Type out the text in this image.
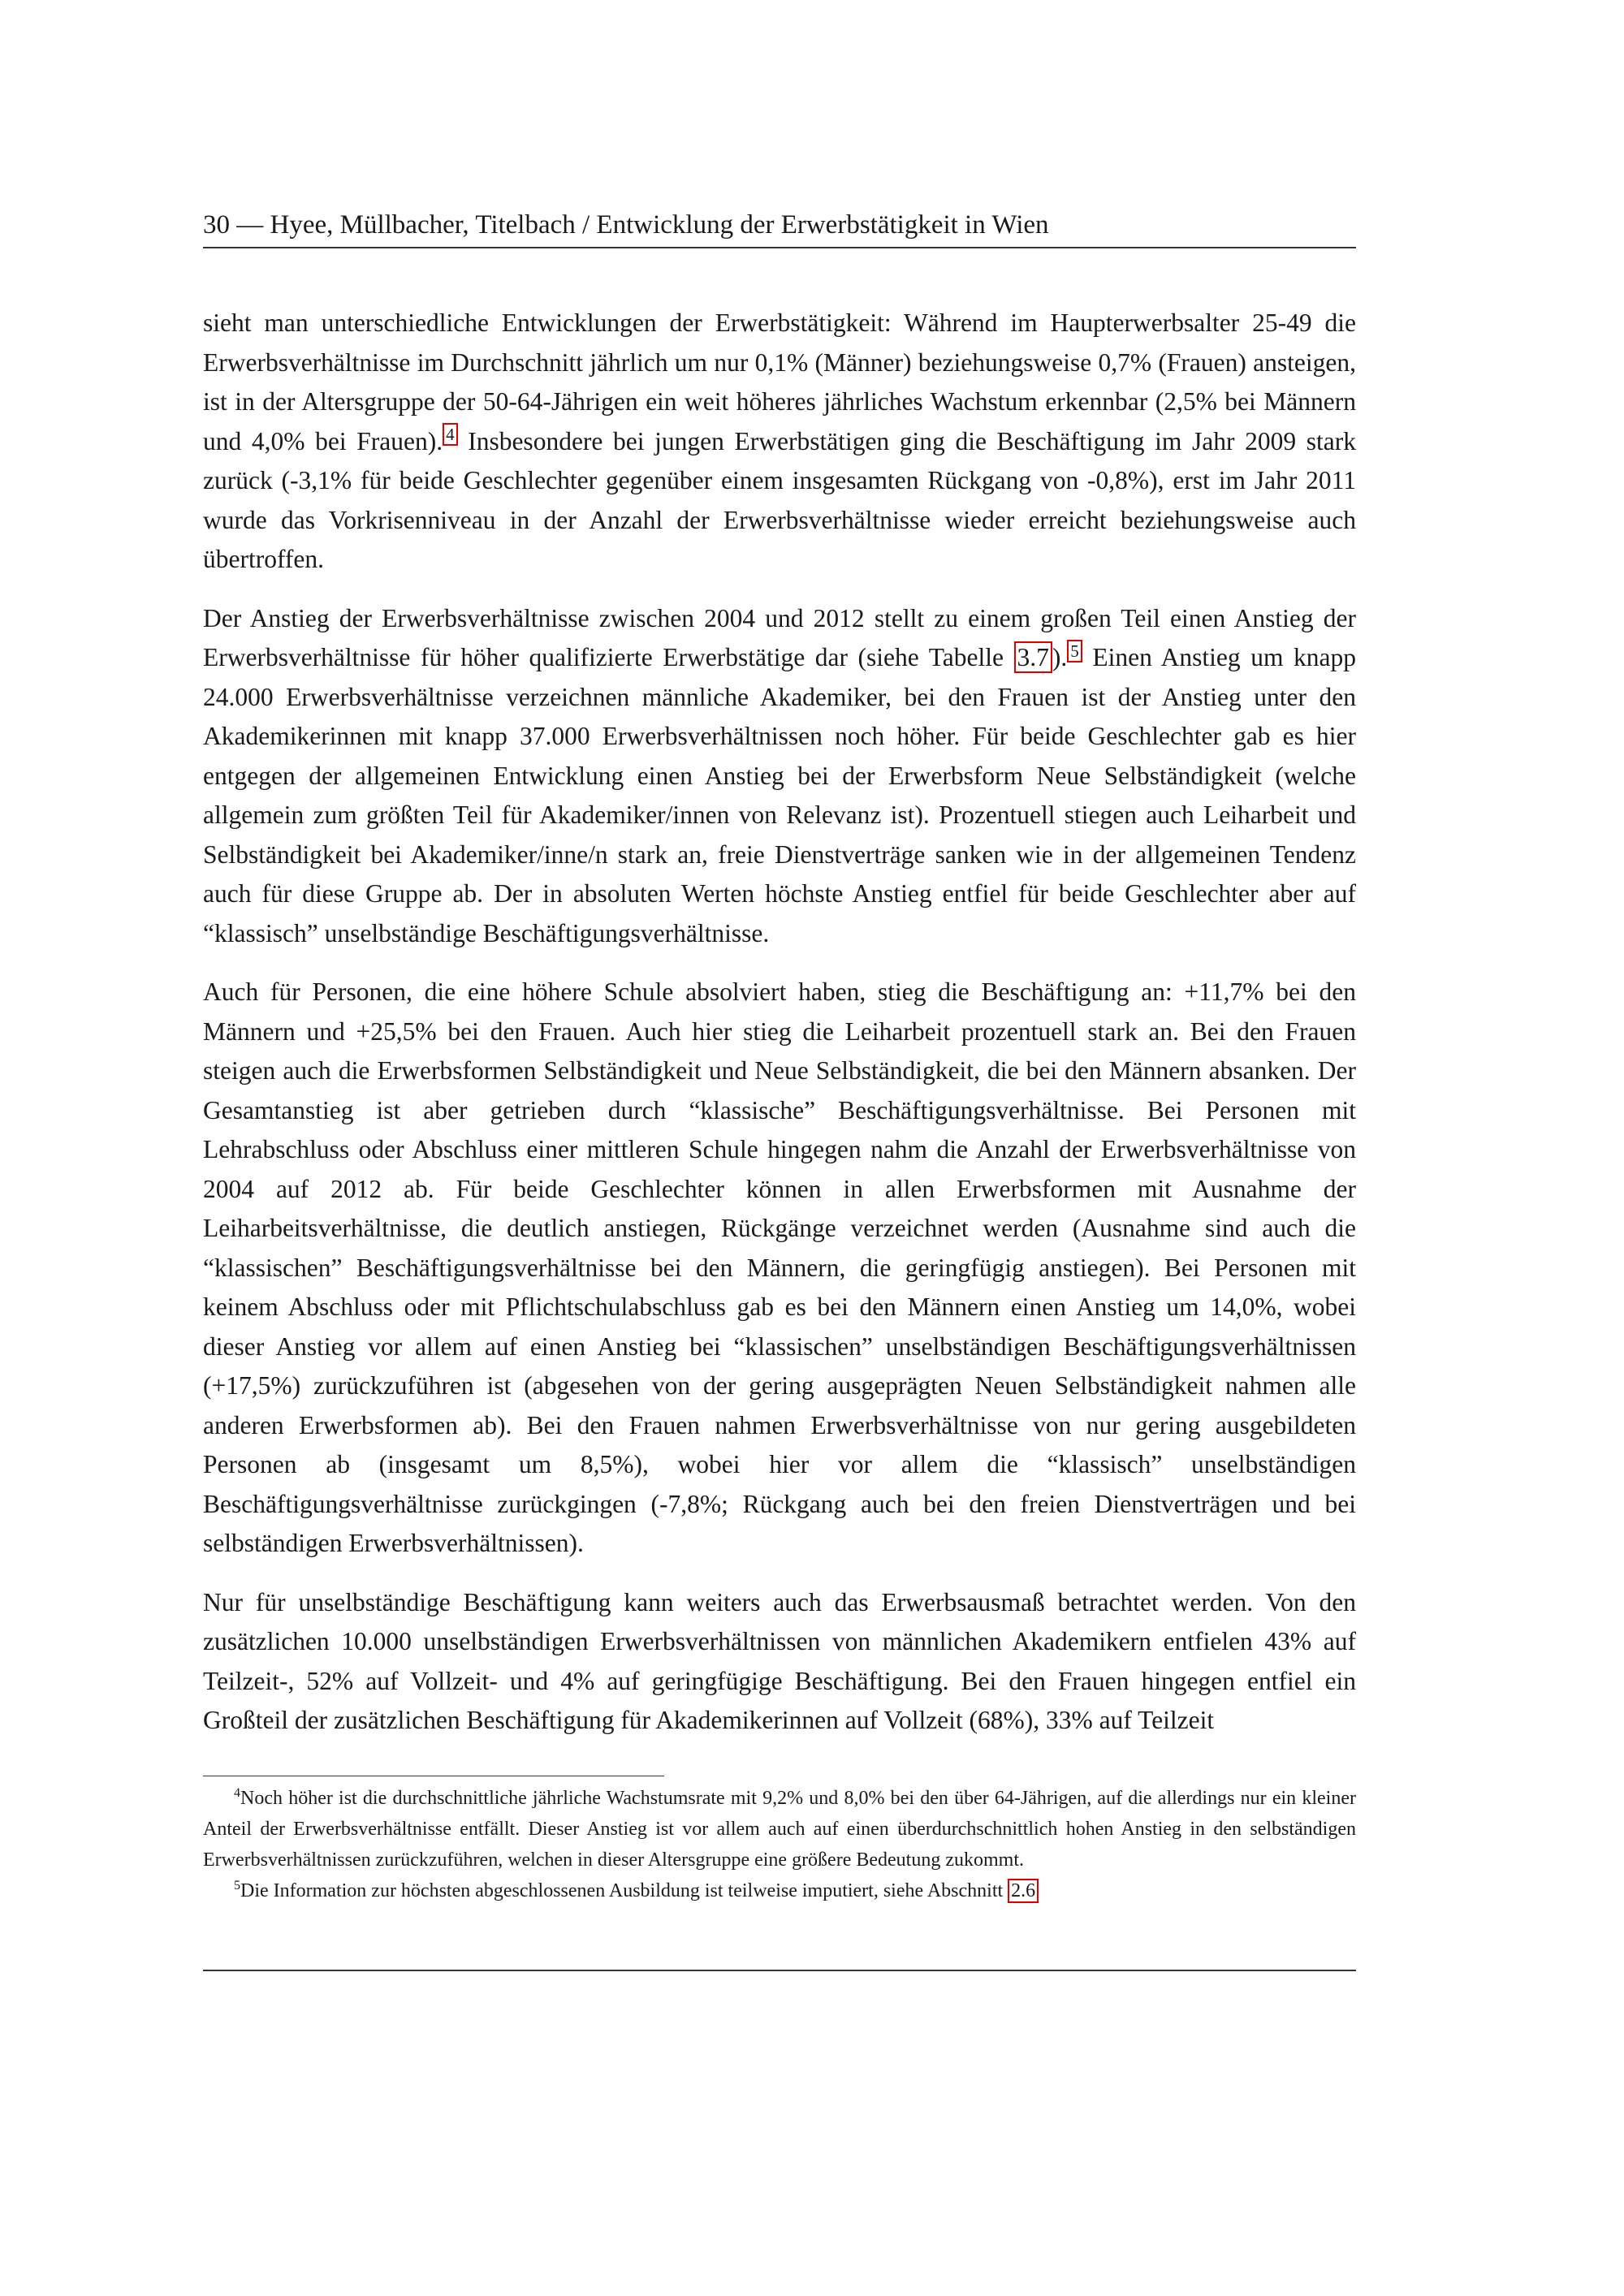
30 — Hyee, Müllbacher, Titelbach / Entwicklung der Erwerbstätigkeit in Wien

sieht man unterschiedliche Entwicklungen der Erwerbstätigkeit: Während im Haupterwerbsalter 25-49 die Erwerbsverhältnisse im Durchschnitt jährlich um nur 0,1% (Männer) beziehungsweise 0,7% (Frauen) ansteigen, ist in der Altersgruppe der 50-64-Jährigen ein weit höheres jährliches Wachstum erkennbar (2,5% bei Männern und 4,0% bei Frauen). $^4$ Insbesondere bei jungen Erwerbstätigen ging die Beschäftigung im Jahr 2009 stark zurück (-3,1% für beide Geschlechter gegenüber einem insgesamten Rückgang von -0,8%), erst im Jahr 2011 wurde das Vorkrisenniveau in der Anzahl der Erwerbsverhältnisse wieder erreicht beziehungsweise auch übertroffen.

Der Anstieg der Erwerbsverhältnisse zwischen 2004 und 2012 stellt zu einem großen Teil einen Anstieg der Erwerbsverhältnisse für höher qualifizierte Erwerbstätige dar (siehe Tabelle 3.7 ). $^5$ Einen Anstieg um knapp 24.000 Erwerbsverhältnisse verzeichnen männliche Akademiker, bei den Frauen ist der Anstieg unter den Akademikerinnen mit knapp 37.000 Erwerbsverhältnissen noch höher. Für beide Geschlechter gab es hier entgegen der allgemeinen Entwicklung einen Anstieg bei der Erwerbsform Neue Selbständigkeit (welche allgemein zum größten Teil für Akademiker/innen von Relevanz ist). Prozentuell stiegen auch Leiharbeit und Selbständigkeit bei Akademiker/inne/n stark an, freie Dienstverträge sanken wie in der allgemeinen Tendenz auch für diese Gruppe ab. Der in absoluten Werten höchste Anstieg entfiel für beide Geschlechter aber auf “klassisch” unselbständige Beschäftigungsverhältnisse.

Auch für Personen, die eine höhere Schule absolviert haben, stieg die Beschäftigung an: +11,7% bei den Männern und +25,5% bei den Frauen. Auch hier stieg die Leiharbeit prozentuell stark an. Bei den Frauen steigen auch die Erwerbsformen Selbständigkeit und Neue Selbständigkeit, die bei den Männern absanken. Der Gesamtanstieg ist aber getrieben durch “klassische” Beschäftigungsverhältnisse. Bei Personen mit Lehrabschluss oder Abschluss einer mittleren Schule hingegen nahm die Anzahl der Erwerbsverhältnisse von 2004 auf 2012 ab. Für beide Geschlechter können in allen Erwerbsformen mit Ausnahme der Leiharbeitsverhältnisse, die deutlich anstiegen, Rückgänge verzeichnet werden (Ausnahme sind auch die “klassischen” Beschäftigungsverhältnisse bei den Männern, die geringfügig anstiegen). Bei Personen mit keinem Abschluss oder mit Pflichtschulabschluss gab es bei den Männern einen Anstieg um 14,0%, wobei dieser Anstieg vor allem auf einen Anstieg bei “klassischen” unselbständigen Beschäftigungsverhältnissen (+17,5%) zurückzuführen ist (abgesehen von der gering ausgeprägten Neuen Selbständigkeit nahmen alle anderen Erwerbsformen ab). Bei den Frauen nahmen Erwerbsverhältnisse von nur gering ausgebildeten Personen ab (insgesamt um 8,5%), wobei hier vor allem die “klassisch” unselbständigen Beschäftigungsverhältnisse zurückgingen (-7,8%; Rückgang auch bei den freien Dienstverträgen und bei selbständigen Erwerbsverhältnissen).

Nur für unselbständige Beschäftigung kann weiters auch das Erwerbsausmaß betrachtet werden. Von den zusätzlichen 10.000 unselbständigen Erwerbsverhältnissen von männlichen Akademikern entfielen 43% auf Teilzeit-, 52% auf Vollzeit- und 4% auf geringfügige Beschäftigung. Bei den Frauen hingegen entfiel ein Großteil der zusätzlichen Beschäftigung für Akademikerinnen auf Vollzeit (68%), 33% auf Teilzeit

$^4$Noch höher ist die durchschnittliche jährliche Wachstumsrate mit 9,2% und 8,0% bei den über 64-Jährigen, auf die allerdings nur ein kleiner Anteil der Erwerbsverhältnisse entfällt. Dieser Anstieg ist vor allem auch auf einen überdurchschnittlich hohen Anstieg in den selbständigen Erwerbsverhältnissen zurückzuführen, welchen in dieser Altersgruppe eine größere Bedeutung zukommt.

$^5$Die Information zur höchsten abgeschlossenen Ausbildung ist teilweise imputiert, siehe Abschnitt 2.6
